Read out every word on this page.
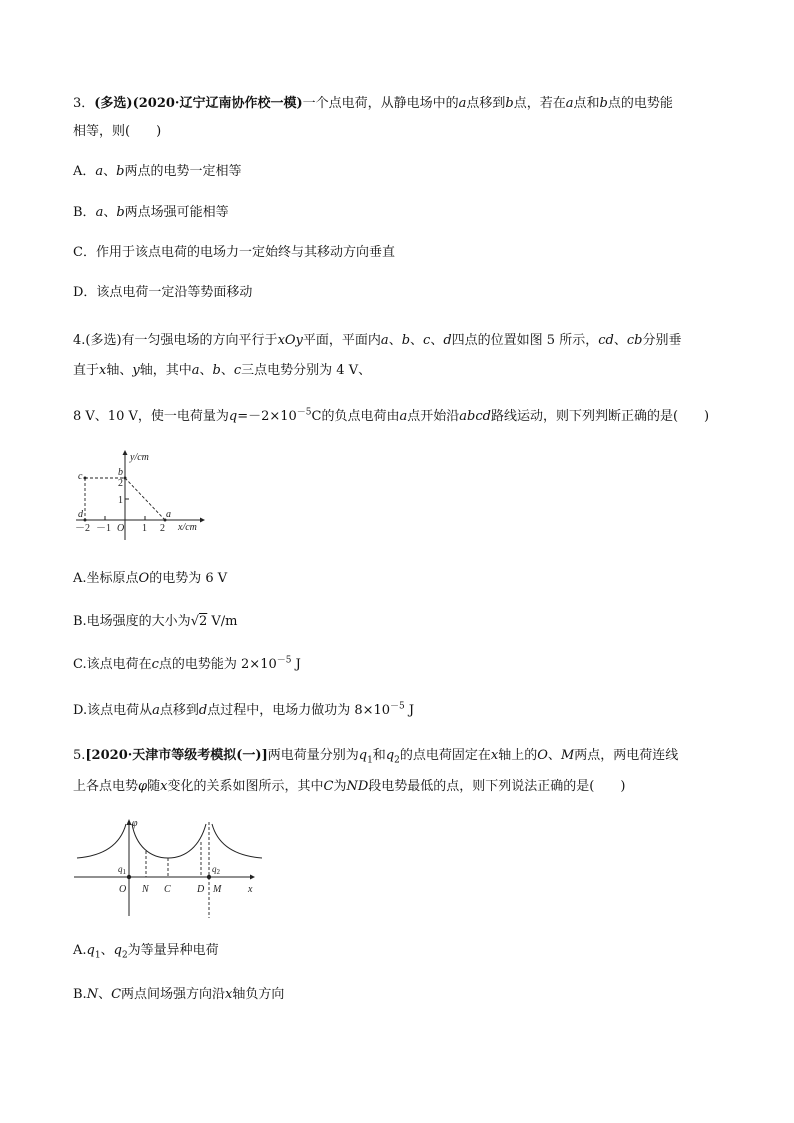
3．(多选)(2020·辽宁辽南协作校一模)一个点电荷，从静电场中的a点移到b点，若在a点和b点的电势能
相等，则(　　)
A．a、b两点的电势一定相等
B．a、b两点场强可能相等
C．作用于该点电荷的电场力一定始终与其移动方向垂直
D．该点电荷一定沿等势面移动
4.(多选)有一匀强电场的方向平行于xOy平面，平面内a、b、c、d四点的位置如图 5 所示，cd、cb分别垂
直于x轴、y轴，其中a、b、c三点电势分别为 4 V、
8 V、10 V，使一电荷量为$q=-2\times 10^{-5}C$的负点电荷由a点开始沿abcd路线运动，则下列判断正确的是(　　)
y/cm
x/cm
b
c
d	a
2
1
－2 －1 O 1 2
A.坐标原点O的电势为 6 V
B.电场强度的大小为√2 V/m
C.该点电荷在c点的电势能为 $2\times 10^{-5}$ J
D.该点电荷从a点移到d点过程中，电场力做功为 $8\times 10^{-5}$ J
5.[2020·天津市等级考模拟(一)]两电荷量分别为$q_1$和$q_2$的点电荷固定在x轴上的O、M两点，两电荷连线
上各点电势φ随x变化的关系如图所示，其中C为ND段电势最低的点，则下列说法正确的是(　　)
φ
$q_1$	$q_2$
O N C	D M	x
$A.q_1$、$q_2$为等量异种电荷
B.N、C两点间场强方向沿x轴负方向
